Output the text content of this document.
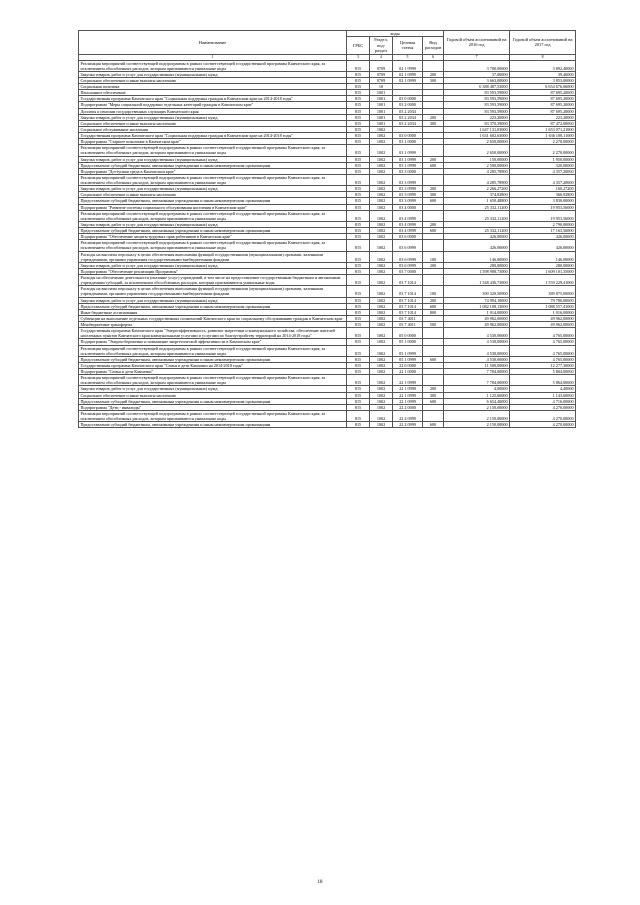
Наименование	коды				Годовой объем ассигнований на 2016 год	Годовой объем ассигнований на 2017 год
	ГРБС	Раздел, под-раздел	Целевая статья	Вид расходов		
1	3	4	5	6	7	8
Реализация мероприятий соответствующей подпрограммы в рамках соответствующей государственной программы Камчатского края, за исключением обособленных расходов, которым присваиваются уникальные коды	815	0709	02 1 0999		3 700,00000	3 892,40000
Закупка товаров, работ и услуг для государственных (муниципальных) нужд	815	0709	02 1 0999	200	37,00000	39,46000
Социальное обеспечение и иные выплаты населению	815	0709	02 1 0999	300	3 663,00000	3 853,00000
Социальная политика	815	10			6 388 487,53000	6 654 676,06000
Пенсионное обеспечение	815	1001			83 593,59000	87 695,20000
Государственная программа Камчатского края "Социальная поддержка граждан в Камчатском крае на 2014-2018 годы"	815	1001	03 0 0000		83 593,59000	87 695,20000
Подпрограмма "Меры социальной поддержки отдельных категорий граждан в Камчатском крае"	815	1001	03 2 0000		83 593,59000	87 695,20000
Доплаты к пенсиям государственных служащих Камчатского края	815	1001	03 2 2034		83 593,59000	87 695,20000
Закупка товаров, работ и услуг для государственных (муниципальных) нужд	815	1001	03 2 2034	200	223,20000	223,20000
Социальное обеспечение и иные выплаты населению	815	1001	03 2 2034	300	83 370,39000	87 472,00000
Социальное обслуживание населения	815	1002			1 647 131,03000	1 653 071,21000
Государственная программа Камчатского края "Социальная поддержка граждан в Камчатском крае на 2014-2018 годы"	815	1002	03 0 0000		1 631 602,63000	1 636 108,11000
Подпрограмма "Старшее поколение в Камчатском крае"	815	1002	03 1 0000		2 650,00000	2 270,00000
Реализация мероприятий соответствующей подпрограммы в рамках соответствующей государственной программы Камчатского края, за исключением обособленных расходов, которым присваиваются уникальные коды	815	1002	03 1 0999		2 650,00000	2 270,00000
Закупка товаров, работ и услуг для государственных (муниципальных) нужд	815	1002	03 1 0999	200	150,00000	1 950,00000
Предоставление субсидий бюджетным, автономным учреждениям и иным некоммерческим организациям	815	1002	03 1 0999	600	2 500,00000	320,00000
Подпрограмма "Доступная среда в Камчатском крае"	815	1002	03 3 0000		4 285,78900	4 357,20000
Реализация мероприятий соответствующей подпрограммы в рамках соответствующей государственной программы Камчатского края, за исключением обособленных расходов, которым присваиваются уникальные коды	815	1002	03 3 0999		4 285,78900	4 357,20000
Закупка товаров, работ и услуг для государственных (муниципальных) нужд	815	1002	03 3 0999	200	2 266,27200	160,27200
Социальное обеспечение и иные выплаты населению	815	1002	03 3 0999	300	374,82800	366,92800
Предоставление субсидий бюджетным, автономным учреждениям и иным некоммерческим организациям	815	1002	03 3 0999	600	1 650,48800	3 830,00000
Подпрограмма "Развитие системы социального обслуживания населения в Камчатском крае"	815	1002	03 4 0000		25 332,11200	19 953,56000
Реализация мероприятий соответствующей подпрограммы в рамках соответствующей государственной программы Камчатского края, за исключением обособленных расходов, которым присваиваются уникальные коды	815	1002	03 4 0999		25 332,11200	19 953,56000
Закупка товаров, работ и услуг для государственных (муниципальных) нужд	815	1002	03 4 0999	200		2 790,00000
Предоставление субсидий бюджетным, автономным учреждениям и иным некоммерческим организациям	815	1002	03 4 0999	600	25 332,11200	17 163,56000
Подпрограмма "Обеспечение защиты трудовых прав работников в Камчатском крае"	815	1002	03 6 0000		426,00000	426,00000
Реализация мероприятий соответствующей подпрограммы в рамках соответствующей государственной программы Камчатского края, за исключением обособленных расходов, которым присваиваются уникальные коды	815	1002	03 6 0999		426,00000	426,00000
Расходы на выплаты персоналу в целях обеспечения выполнения функций государственными (муниципальными) органами, казенными учреждениями, органами управления государственными внебюджетными фондами	815	1002	03 6 0999	100	146,00000	146,00000
Закупка товаров, работ и услуг для государственных (муниципальных) нужд	815	1002	03 6 0999	200	280,00000	280,00000
Подпрограмма "Обеспечение реализации Программы"	815	1002	03 7 0000		1 598 908,73000	1 609 101,35000
Расходы на обеспечение деятельности (оказание услуг) учреждений, в том числе на предоставление государственным бюджетным и автономным учреждениям субсидий, за исключением обособленных расходов, которым присваиваются уникальные коды	815	1002	03 7 1014		1 548 436,73000	1 559 229,41000
Расходы на выплаты персоналу в целях обеспечения выполнения функций государственными (муниципальными) органами, казенными учреждениями, органами управления государственными внебюджетными фондами	815	1002	03 7 1014	100	390 320,50000	389 875,00000
Закупка товаров, работ и услуг для государственных (муниципальных) нужд	815	1002	03 7 1014	200	74 994,10000	79 780,00000
Предоставление субсидий бюджетным, автономным учреждениям и иным некоммерческим организациям	815	1002	03 7 1014	600	1 082 108,13000	1 088 557,41000
Иные бюджетные ассигнования	815	1002	03 7 1014	800	1 014,00000	1 016,00000
Субвенции на выполнение отдельных государственных полномочий Камчатского края по социальному обслуживанию граждан в Камчатском крае	815	1002	03 7 4011		49 962,00000	49 962,00000
Межбюджетные трансферты	815	1002	03 7 4011	500	49 962,00000	49 962,00000
Государственная программа Камчатского края "Энергоэффективность, развитие энергетики и коммунального хозяйства, обеспечение жителей населенных пунктов Камчатского края коммунальными услугами и услугами по благоустройству территорий на 2014-2018 годы"	815	1002	05 0 0000		4 530,00000	4 765,00000
Подпрограмма "Энергосбережение и повышение энергетической эффективности в Камчатском крае"	815	1002	05 1 0000		4 530,00000	4 765,00000
Реализация мероприятий соответствующей подпрограммы в рамках соответствующей государственной программы Камчатского края, за исключением обособленных расходов, которым присваиваются уникальные коды	815	1002	05 1 0999		4 530,00000	4 765,00000
Предоставление субсидий бюджетным, автономным учреждениям и иным некоммерческим организациям	815	1002	05 1 0999	600	4 530,00000	4 765,00000
Государственная программа Камчатского края "Семья и дети Камчатки на 2014-2018 годы"	815	1002	22 0 0000		11 509,00000	12 277,30000
Подпрограмма "Семья и дети Камчатки"	815	1002	22 1 0000		7 784,00000	5 864,00000
Реализация мероприятий соответствующей подпрограммы в рамках соответствующей государственной программы Камчатского края, за исключением обособленных расходов, которым присваиваются уникальные коды	815	1002	22 1 0999		7 784,00000	5 864,00000
Закупка товаров, работ и услуг для государственных (муниципальных) нужд	815	1002	22 1 0999	200	4,00000	4,40000
Социальное обеспечение и иные выплаты населению	815	1002	22 1 0999	300	1 125,60000	1 143,60000
Предоставление субсидий бюджетным, автономным учреждениям и иным некоммерческим организациям	815	1002	22 1 0999	600	6 654,40000	4 716,00000
Подпрограмма "Дети - инвалиды"	815	1002	22 2 0000		2 150,00000	4 270,00000
Реализация мероприятий соответствующей подпрограммы в рамках соответствующей государственной программы Камчатского края, за исключением обособленных расходов, которым присваиваются уникальные коды	815	1002	22 2 0999		2 150,00000	4 270,00000
Предоставление субсидий бюджетным, автономным учреждениям и иным некоммерческим организациям	815	1002	22 2 0999	600	2 150,00000	4 270,00000
18
